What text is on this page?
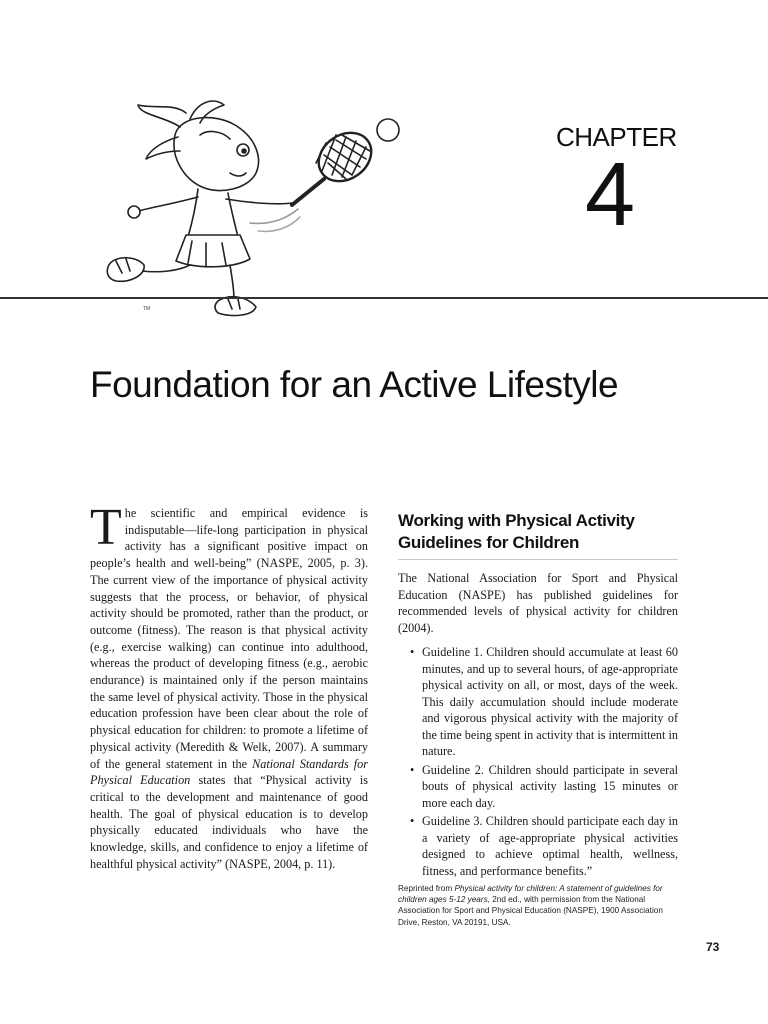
CHAPTER
4
TM
Foundation for an Active Lifestyle

The scientific and empirical evidence is indisputable—life-long participation in physical activity has a significant positive impact on people’s health and well-being” (NASPE, 2005, p. 3). The current view of the importance of physical activity suggests that the process, or behavior, of physical activity should be promoted, rather than the product, or outcome (fitness). The reason is that physical activity (e.g., exercise walking) can continue into adulthood, whereas the product of developing fitness (e.g., aerobic endurance) is maintained only if the person maintains the same level of physical activity. Those in the physical education profession have been clear about the role of physical education for children: to promote a lifetime of physical activity (Meredith & Welk, 2007). A summary of the general statement in the National Standards for Physical Education states that “Physical activity is critical to the development and maintenance of good health. The goal of physical education is to develop physically educated individuals who have the knowledge, skills, and confidence to enjoy a lifetime of healthful physical activity” (NASPE, 2004, p. 11).

Working with Physical Activity Guidelines for Children

The National Association for Sport and Physical Education (NASPE) has published guidelines for recommended levels of physical activity for children (2004).

• Guideline 1. Children should accumulate at least 60 minutes, and up to several hours, of age-appropriate physical activity on all, or most, days of the week. This daily accumulation should include moderate and vigorous physical activity with the majority of the time being spent in activity that is intermittent in nature.
• Guideline 2. Children should participate in several bouts of physical activity lasting 15 minutes or more each day.
• Guideline 3. Children should participate each day in a variety of age-appropriate physical activities designed to achieve optimal health, wellness, fitness, and performance benefits.”

Reprinted from Physical activity for children: A statement of guidelines for children ages 5-12 years, 2nd ed., with permission from the National Association for Sport and Physical Education (NASPE), 1900 Association Drive, Reston, VA 20191, USA.

73
